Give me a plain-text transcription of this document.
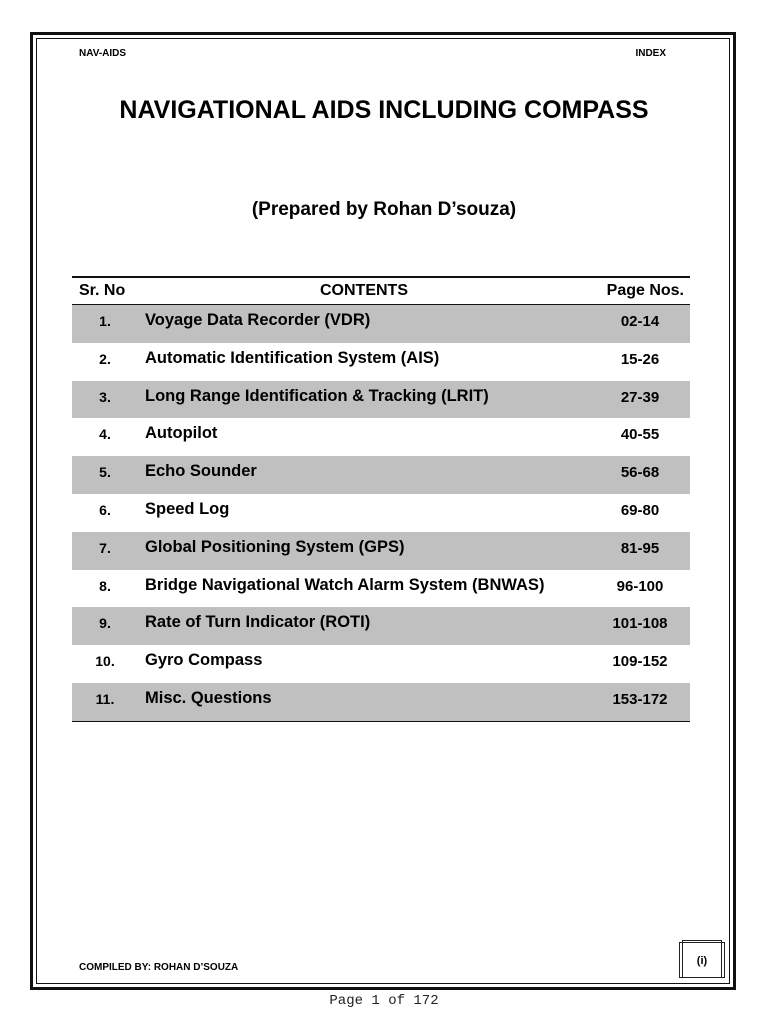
NAV-AIDS	INDEX
NAVIGATIONAL AIDS INCLUDING COMPASS
(Prepared by Rohan D’souza)
Sr. No	CONTENTS	Page Nos.
1.	Voyage Data Recorder (VDR)	02-14
2.	Automatic Identification System (AIS)	15-26
3.	Long Range Identification & Tracking (LRIT)	27-39
4.	Autopilot	40-55
5.	Echo Sounder	56-68
6.	Speed Log	69-80
7.	Global Positioning System (GPS)	81-95
8.	Bridge Navigational Watch Alarm System (BNWAS)	96-100
9.	Rate of Turn Indicator (ROTI)	101-108
10.	Gyro Compass	109-152
11.	Misc. Questions	153-172
COMPILED BY: ROHAN D’SOUZA
(i)
Page 1 of 172
